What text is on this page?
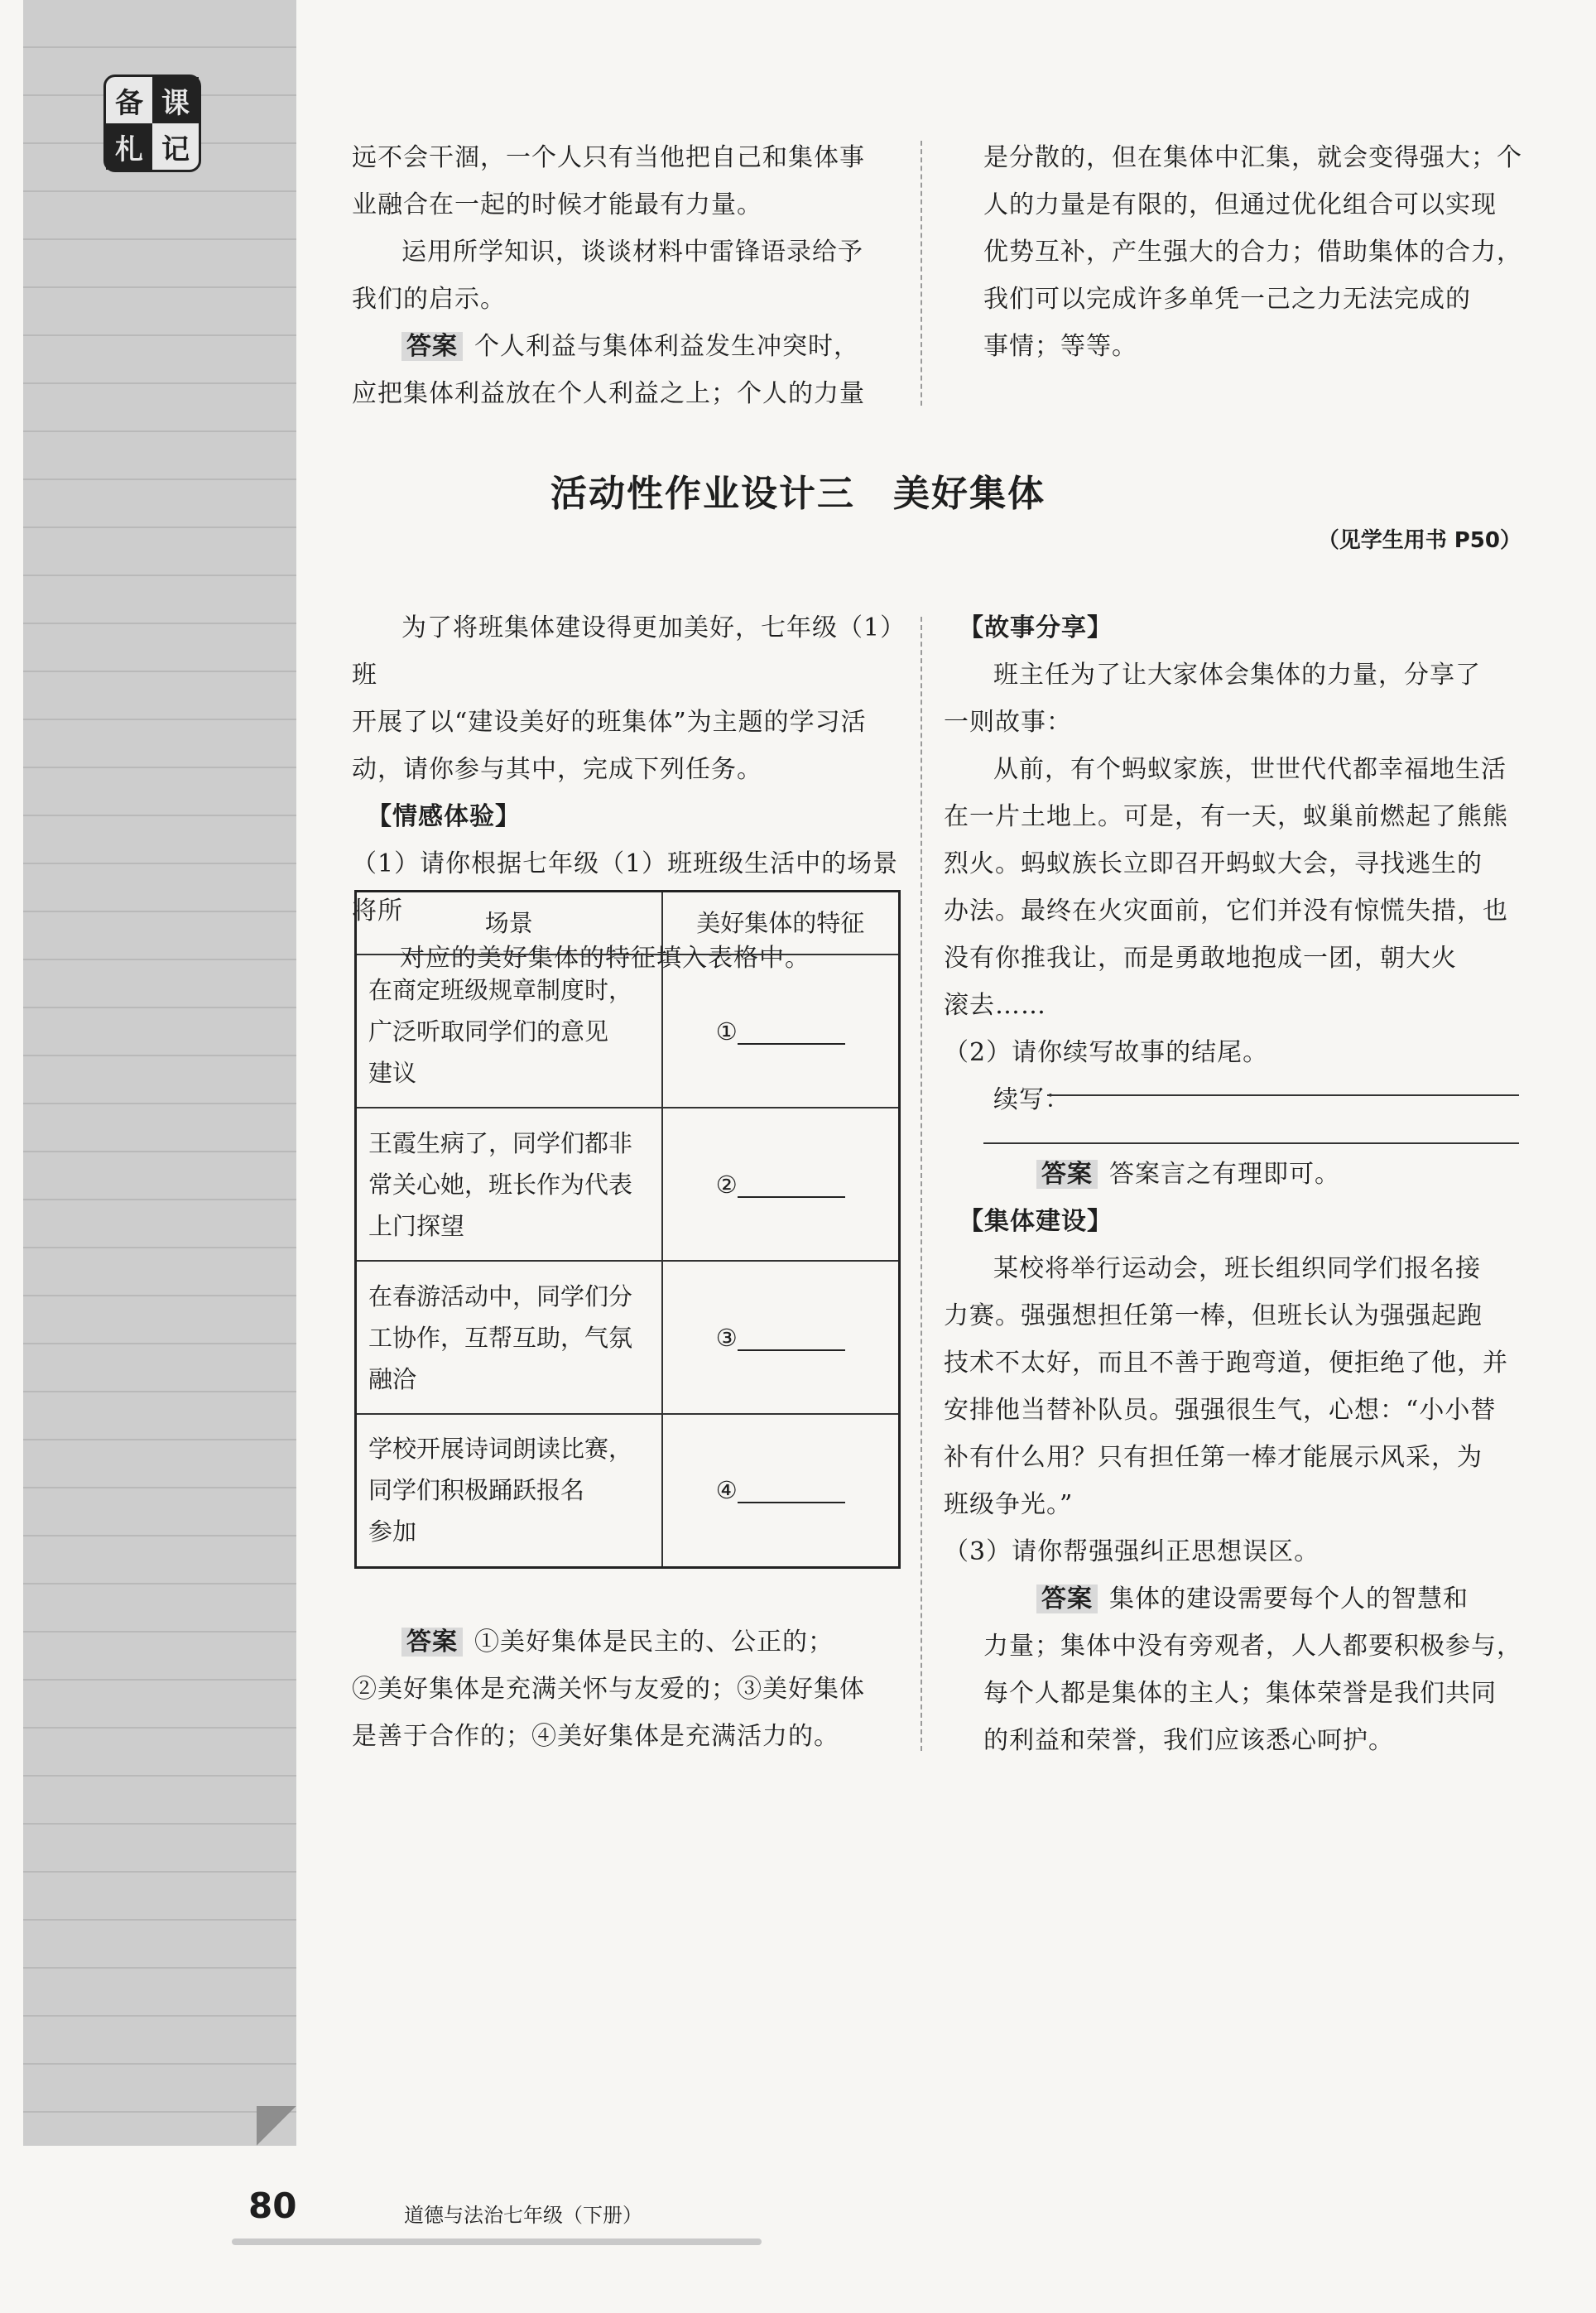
备 课
札 记	远不会干涸，一个人只有当他把自己和集体事

业融合在一起的时候才能最有力量。

运用所学知识，谈谈材料中雷锋语录给予

我们的启示。

答案 个人利益与集体利益发生冲突时，

应把集体利益放在个人利益之上；个人的力量

是分散的，但在集体中汇集，就会变得强大；个

人的力量是有限的，但通过优化组合可以实现

优势互补，产生强大的合力；借助集体的合力，

我们可以完成许多单凭一己之力无法完成的

事情；等等。

活动性作业设计三　美好集体
（见学生用书 P50）

为了将班集体建设得更加美好，七年级（1）班

开展了以“建设美好的班集体”为主题的学习活

动，请你参与其中，完成下列任务。

【情感体验】

（1）请你根据七年级（1）班班级生活中的场景将所

对应的美好集体的特征填入表格中。

场景	美好集体的特征

在商定班级规章制度时，
广泛听取同学们的意见
建议	①

王霞生病了，同学们都非
常关心她，班长作为代表
上门探望	②

在春游活动中，同学们分
工协作，互帮互助，气氛
融洽	③

学校开展诗词朗读比赛，
同学们积极踊跃报名
参加	④

答案 ①美好集体是民主的、公正的；

②美好集体是充满关怀与友爱的；③美好集体

是善于合作的；④美好集体是充满活力的。

【故事分享】

班主任为了让大家体会集体的力量，分享了

一则故事：

从前，有个蚂蚁家族，世世代代都幸福地生活

在一片土地上。可是，有一天，蚁巢前燃起了熊熊

烈火。蚂蚁族长立即召开蚂蚁大会，寻找逃生的

办法。最终在火灾面前，它们并没有惊慌失措，也

没有你推我让，而是勇敢地抱成一团，朝大火

滚去……

（2）请你续写故事的结尾。

续写：

答案 答案言之有理即可。

【集体建设】

某校将举行运动会，班长组织同学们报名接

力赛。强强想担任第一棒，但班长认为强强起跑

技术不太好，而且不善于跑弯道，便拒绝了他，并

安排他当替补队员。强强很生气，心想：“小小替

补有什么用？只有担任第一棒才能展示风采，为

班级争光。”

（3）请你帮强强纠正思想误区。

答案 集体的建设需要每个人的智慧和

力量；集体中没有旁观者，人人都要积极参与，

每个人都是集体的主人；集体荣誉是我们共同

的利益和荣誉，我们应该悉心呵护。

80	道德与法治七年级（下册）
